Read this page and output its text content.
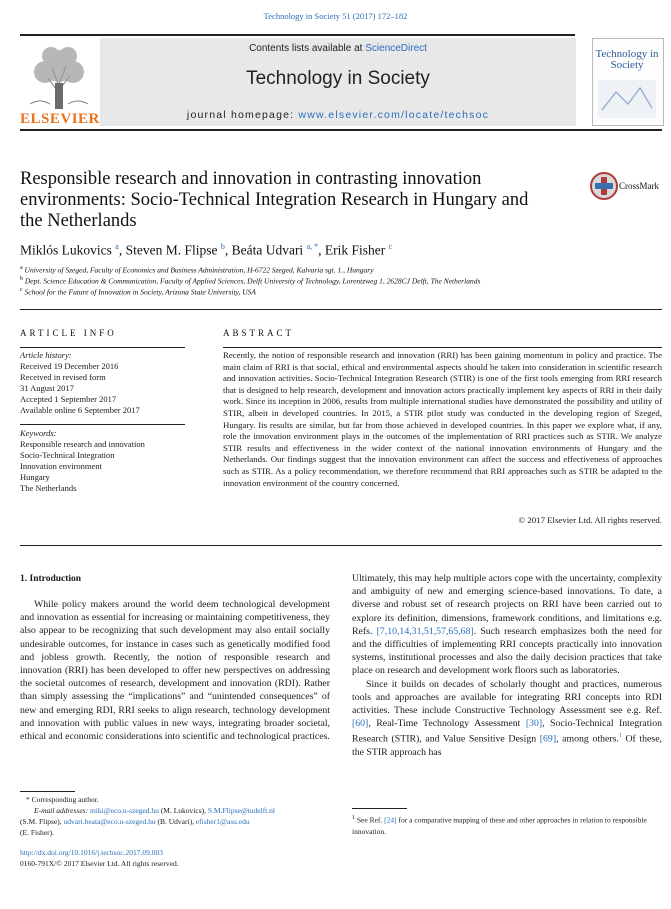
Technology in Society 51 (2017) 172–182
ELSEVIER
Contents lists available at ScienceDirect
Technology in Society
journal homepage: www.elsevier.com/locate/techsoc
Technology in Society
Responsible research and innovation in contrasting innovation environments: Socio-Technical Integration Research in Hungary and the Netherlands
CrossMark
Miklós Lukovics $^a$, Steven M. Flipse $^b$, Beáta Udvari $^{a, *}$, Erik Fisher $^c$
$^a$ University of Szeged, Faculty of Economics and Business Administration, H-6722 Szeged, Kalvaria sgt. 1., Hungary
$^b$ Dept. Science Education & Communication, Faculty of Applied Sciences, Delft University of Technology, Lorentzweg 1, 2628CJ Delft, The Netherlands
$^c$ School for the Future of Innovation in Society, Arizona State University, USA
ARTICLE INFO
Article history:
Received 19 December 2016
Received in revised form
31 August 2017
Accepted 1 September 2017
Available online 6 September 2017
Keywords:
Responsible research and innovation
Socio-Technical Integration
Innovation environment
Hungary
The Netherlands
ABSTRACT
Recently, the notion of responsible research and innovation (RRI) has been gaining momentum in policy and practice. The main claim of RRI is that social, ethical and environmental aspects should be taken into consideration in scientific research and innovation activities. Socio-Technical Integration Research (STIR) is one of the first tools emerging from RRI research that is designed to help research, development and innovation actors practically implement key aspects of RRI in their daily work. Since its inception in 2006, results from multiple international studies have demonstrated the possibility and utility of STIR, albeit in developed countries. In 2015, a STIR pilot study was conducted in the developing region of Szeged, Hungary. Its results are similar, but far from those achieved in developed countries. In this paper we explore what, if any, role the innovation environment plays in the outcomes of the implementation of RRI practices such as STIR. We analyze STIR results and effectiveness in the wider context of the national innovation environments of Hungary and the Netherlands. Our findings suggest that the innovation environment can affect the success and effectiveness of approaches such as STIR. As a policy recommendation, we therefore recommend that RRI approaches such as STIR be adapted to the innovation environment of the country concerned.
© 2017 Elsevier Ltd. All rights reserved.
1. Introduction

While policy makers around the world deem technological development and innovation as essential for increasing or maintaining competitiveness, they also appear to be recognizing that such development may also entail socially undesirable outcomes, for instance in cases such as genetically modified food and jobless growth. Recently, the notion of responsible research and innovation (RRI) has been developed to offer new perspectives on addressing the societal outcomes of research, development and innovation (RDI). Rather than simply assessing the “implications” and “unintended consequences” of new and emerging RDI, RRI seeks to align research, technology development and innovation with public values in new ways, integrating broader societal, ethical and economic considerations into scientific and technological practices.

Ultimately, this may help multiple actors cope with the uncertainty, complexity and ambiguity of new and emerging science-based innovations. To date, a diverse and robust set of research projects on RRI have been carried out to explore its definition, dimensions, framework conditions, and limitations e.g. Refs. [7,10,14,31,51,57,65,68]. Such research emphasizes both the need for and the difficulties of implementing RRI concepts practically into innovation systems, institutional processes and also the daily decision practices that take place on research and development work floors such as laboratories.

Since it builds on decades of scholarly thought and practices, numerous tools and approaches are available for integrating RRI concepts into RDI activities. These include Constructive Technology Assessment see e.g. Ref. [60], Real-Time Technology Assessment [30], Socio-Technical Integration Research (STIR), and Value Sensitive Design [69], among others.$^1$ Of these, the STIR approach has

* Corresponding author.
E-mail addresses: miki@eco.u-szeged.hu (M. Lukovics), S.M.Flipse@tudelft.nl
(S.M. Flipse), udvari.beata@eco.u-szeged.hu (B. Udvari), efisher1@asu.edu
(E. Fisher).
$^1$ See Ref. [24] for a comparative mapping of these and other approaches in relation to responsible innovation.
http://dx.doi.org/10.1016/j.techsoc.2017.09.003
0160-791X/© 2017 Elsevier Ltd. All rights reserved.
